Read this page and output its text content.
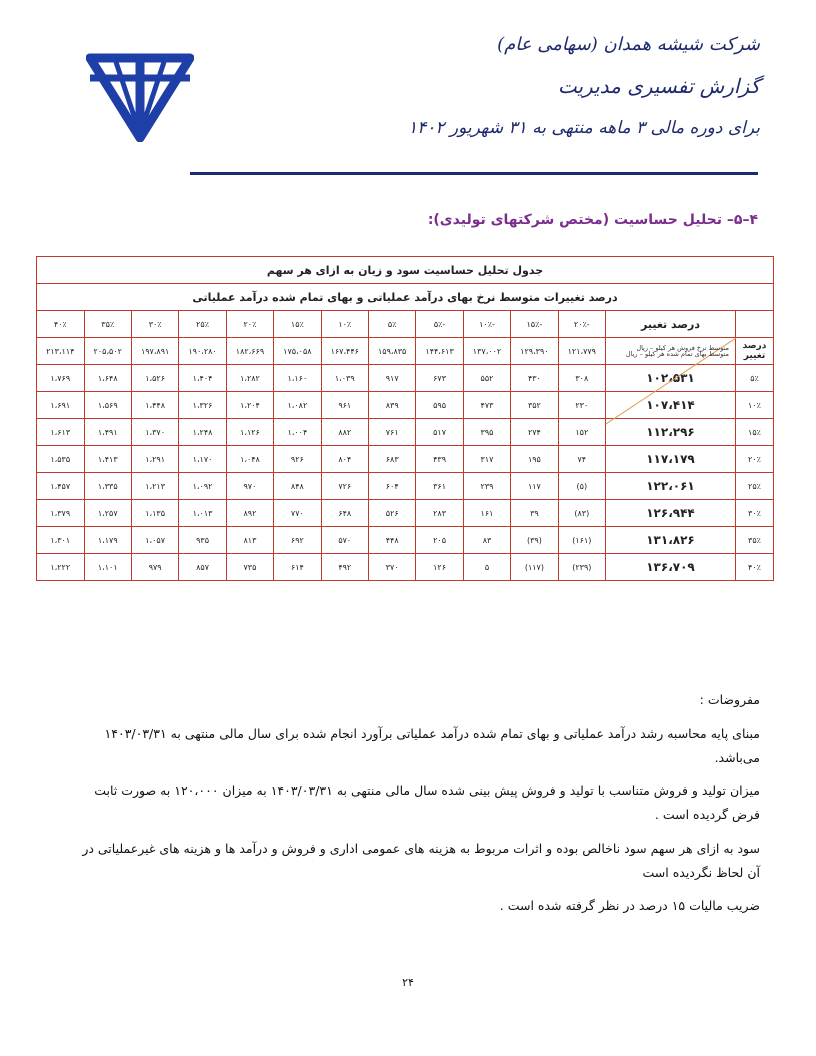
شرکت شیشه همدان (سهامی عام)
گزارش تفسیری مدیریت
برای دوره مالی ۳ ماهه منتهی به ۳۱ شهریور ۱۴۰۲
۴–۵– تحلیل حساسیت (مختص شرکتهای تولیدی):
جدول تحلیل حساسیت سود و زیان به ازای هر سهم													
درصد تغییرات متوسط نرخ بهای درآمد عملیاتی و بهای تمام شده درآمد عملیاتی													
	درصد تغییر	-۲۰٪	-۱۵٪	-۱۰٪	-۵٪	۵٪	۱۰٪	۱۵٪	۲۰٪	۲۵٪	۳۰٪	۳۵٪	۴۰٪
درصد تغییر	متوسط نرخ فروش هر کیلو – ریال
متوسط بهای تمام شده هر کیلو – ریال	۱۲۱،۷۷۹	۱۲۹،۳۹۰	۱۳۷،۰۰۲	۱۴۴،۶۱۳	۱۵۹،۸۳۵	۱۶۷،۴۴۶	۱۷۵،۰۵۸	۱۸۲،۶۶۹	۱۹۰،۲۸۰	۱۹۷،۸۹۱	۲۰۵،۵۰۲	۲۱۳،۱۱۴
۵٪	۱۰۲،۵۳۱	۳۰۸	۴۳۰	۵۵۲	۶۷۳	۹۱۷	۱،۰۳۹	۱،۱۶۰	۱،۲۸۲	۱،۴۰۴	۱،۵۲۶	۱،۶۴۸	۱،۷۶۹
۱۰٪	۱۰۷،۴۱۴	۲۳۰	۳۵۲	۴۷۳	۵۹۵	۸۳۹	۹۶۱	۱،۰۸۲	۱،۲۰۴	۱،۳۲۶	۱،۴۴۸	۱،۵۶۹	۱،۶۹۱
۱۵٪	۱۱۲،۲۹۶	۱۵۲	۲۷۴	۳۹۵	۵۱۷	۷۶۱	۸۸۲	۱،۰۰۴	۱،۱۲۶	۱،۲۴۸	۱،۳۷۰	۱،۴۹۱	۱،۶۱۳
۲۰٪	۱۱۷،۱۷۹	۷۴	۱۹۵	۳۱۷	۴۳۹	۶۸۳	۸۰۴	۹۲۶	۱،۰۴۸	۱،۱۷۰	۱،۲۹۱	۱،۴۱۳	۱،۵۳۵
۲۵٪	۱۲۲،۰۶۱	(۵)	۱۱۷	۲۳۹	۳۶۱	۶۰۴	۷۲۶	۸۴۸	۹۷۰	۱،۰۹۲	۱،۲۱۳	۱،۳۳۵	۱،۴۵۷
۳۰٪	۱۲۶،۹۴۴	(۸۳)	۳۹	۱۶۱	۲۸۳	۵۲۶	۶۴۸	۷۷۰	۸۹۲	۱،۰۱۳	۱،۱۳۵	۱،۲۵۷	۱،۳۷۹
۳۵٪	۱۳۱،۸۲۶	(۱۶۱)	(۳۹)	۸۳	۲۰۵	۴۴۸	۵۷۰	۶۹۲	۸۱۳	۹۳۵	۱،۰۵۷	۱،۱۷۹	۱،۳۰۱
۴۰٪	۱۳۶،۷۰۹	(۲۳۹)	(۱۱۷)	۵	۱۲۶	۳۷۰	۴۹۲	۶۱۴	۷۳۵	۸۵۷	۹۷۹	۱،۱۰۱	۱،۲۲۲

مفروضات :

مبنای پایه محاسبه رشد درآمد عملیاتی و بهای تمام شده درآمد عملیاتی برآورد انجام شده برای سال مالی منتهی به ۱۴۰۳/۰۳/۳۱ می‌باشد.

میزان تولید و فروش متناسب با تولید و فروش پیش بینی شده سال مالی منتهی به ۱۴۰۳/۰۳/۳۱ به میزان ۱۲۰،۰۰۰ به صورت ثابت فرض گردیده است .

سود به ازای هر سهم سود ناخالص بوده و اثرات مربوط به هزینه های عمومی اداری و فروش و درآمد ها و هزینه های غیرعملیاتی در آن لحاظ نگردیده است

ضریب مالیات ۱۵ درصد در نظر گرفته شده است .

۲۴
